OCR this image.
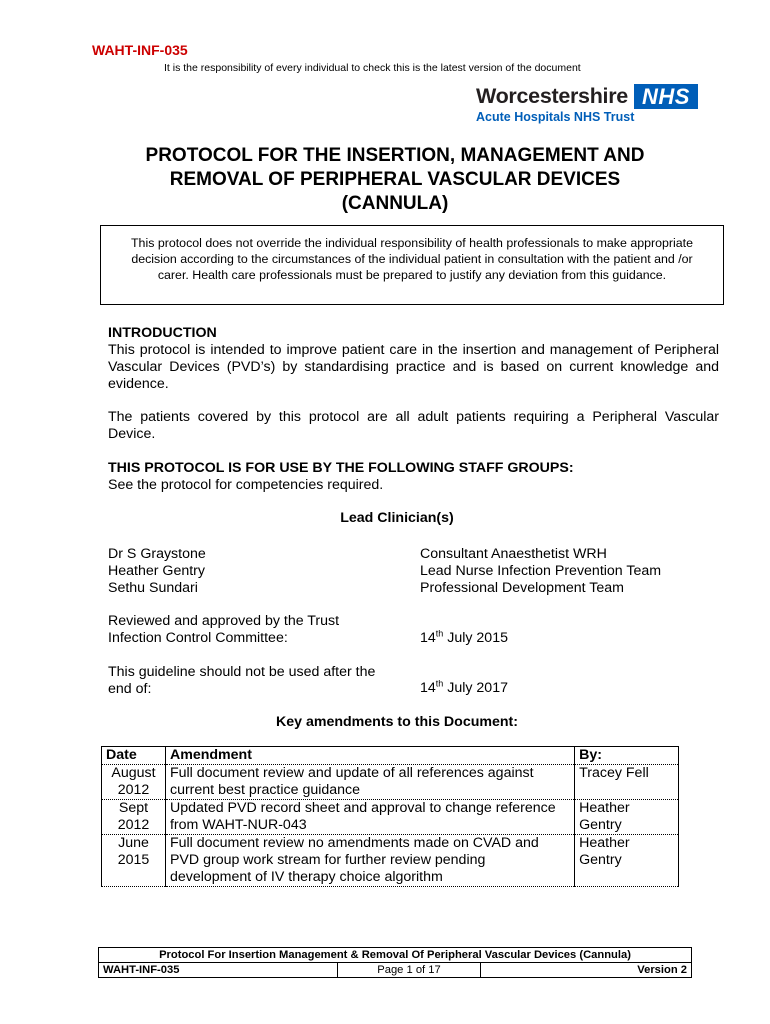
WAHT-INF-035
It is the responsibility of every individual to check this is the latest version of the document
Worcestershire NHS
Acute Hospitals NHS Trust
PROTOCOL FOR THE INSERTION, MANAGEMENT AND
REMOVAL OF PERIPHERAL VASCULAR DEVICES
(CANNULA)
This protocol does not override the individual responsibility of health professionals to make appropriate decision according to the circumstances of the individual patient in consultation with the patient and /or carer. Health care professionals must be prepared to justify any deviation from this guidance.
INTRODUCTION
This protocol is intended to improve patient care in the insertion and management of Peripheral Vascular Devices (PVD’s) by standardising practice and is based on current knowledge and evidence.
The patients covered by this protocol are all adult patients requiring a Peripheral Vascular Device.
THIS PROTOCOL IS FOR USE BY THE FOLLOWING STAFF GROUPS:
See the protocol for competencies required.
Lead Clinician(s)
Dr S Graystone	Consultant Anaesthetist WRH
Heather Gentry	Lead Nurse Infection Prevention Team
Sethu Sundari	Professional Development Team
Reviewed and approved by the Trust
Infection Control Committee:	14th July 2015
This guideline should not be used after the
end of:	14th July 2017
Key amendments to this Document:
Date	Amendment	By:

August
2012	Full document review and update of all references against current best practice guidance	Tracey Fell

Sept
2012	Updated PVD record sheet and approval to change reference from WAHT-NUR-043	Heather Gentry

June
2015	Full document review no amendments made on CVAD and PVD group work stream for further review pending development of IV therapy choice algorithm	Heather Gentry
Protocol For Insertion Management & Removal Of Peripheral Vascular Devices (Cannula)
WAHT-INF-035	Page 1 of 17	Version 2
